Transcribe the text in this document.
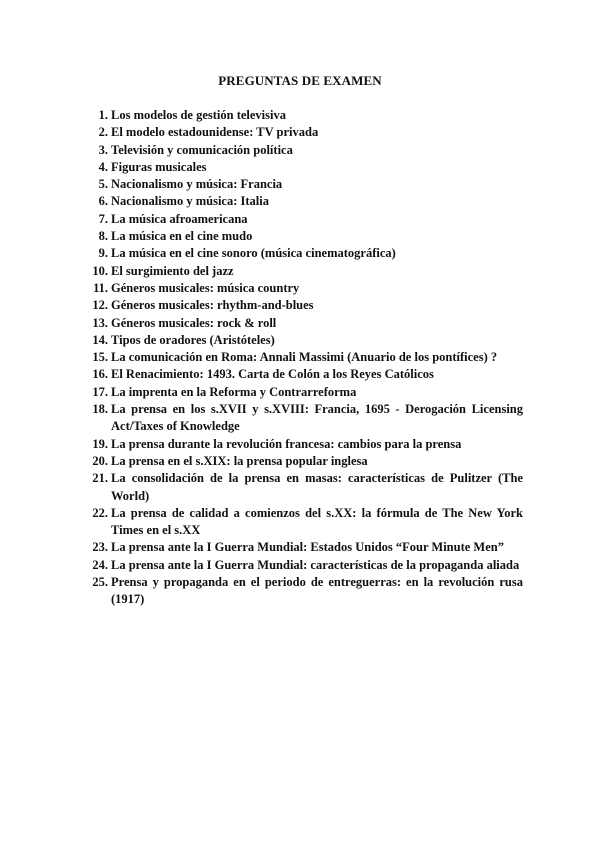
PREGUNTAS DE EXAMEN
1. Los modelos de gestión televisiva
2. El modelo estadounidense: TV privada
3. Televisión y comunicación política
4. Figuras musicales
5. Nacionalismo y música: Francia
6. Nacionalismo y música: Italia
7. La música afroamericana
8. La música en el cine mudo
9. La música en el cine sonoro (música cinematográfica)
10. El surgimiento del jazz
11. Géneros musicales: música country
12. Géneros musicales: rhythm-and-blues
13. Géneros musicales: rock & roll
14. Tipos de oradores (Aristóteles)
15. La comunicación en Roma: Annali Massimi (Anuario de los pontífices) ?
16. El Renacimiento: 1493. Carta de Colón a los Reyes Católicos
17. La imprenta en la Reforma y Contrarreforma
18. La prensa en los s.XVII y s.XVIII: Francia, 1695 - Derogación Licensing Act/Taxes of Knowledge
19. La prensa durante la revolución francesa: cambios para la prensa
20. La prensa en el s.XIX: la prensa popular inglesa
21. La consolidación de la prensa en masas: características de Pulitzer (The World)
22. La prensa de calidad a comienzos del s.XX: la fórmula de The New York Times en el s.XX
23. La prensa ante la I Guerra Mundial: Estados Unidos “Four Minute Men”
24. La prensa ante la I Guerra Mundial: características de la propaganda aliada
25. Prensa y propaganda en el periodo de entreguerras: en la revolución rusa (1917)
